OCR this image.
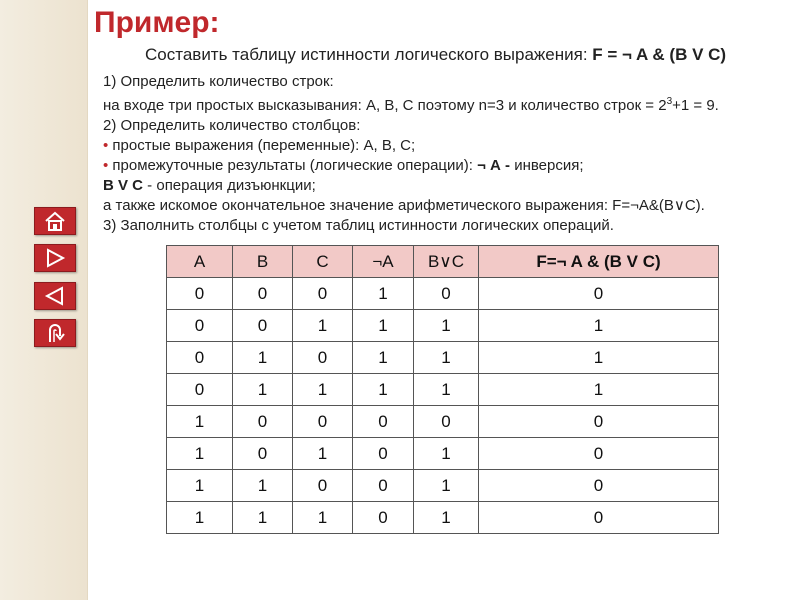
Пример:
Составить таблицу истинности логического выражения: F = ¬ A & (B V C)
1) Определить количество строк:
на входе три простых высказывания: А, В, С поэтому n=3 и количество строк = $2^3+1 = 9$.
2) Определить количество столбцов:
• простые выражения (переменные): А, В, С;
• промежуточные результаты (логические операции): ¬ А - инверсия;
В V С - операция дизъюнкции;
а также искомое окончательное значение арифметического выражения: F=¬A&(B∨C).
3) Заполнить столбцы с учетом таблиц истинности логических операций.
A	B	C	¬A	B∨C	F=¬ A & (B V C)
0	0	0	1	0	0
0	0	1	1	1	1
0	1	0	1	1	1
0	1	1	1	1	1
1	0	0	0	0	0
1	0	1	0	1	0
1	1	0	0	1	0
1	1	1	0	1	0
